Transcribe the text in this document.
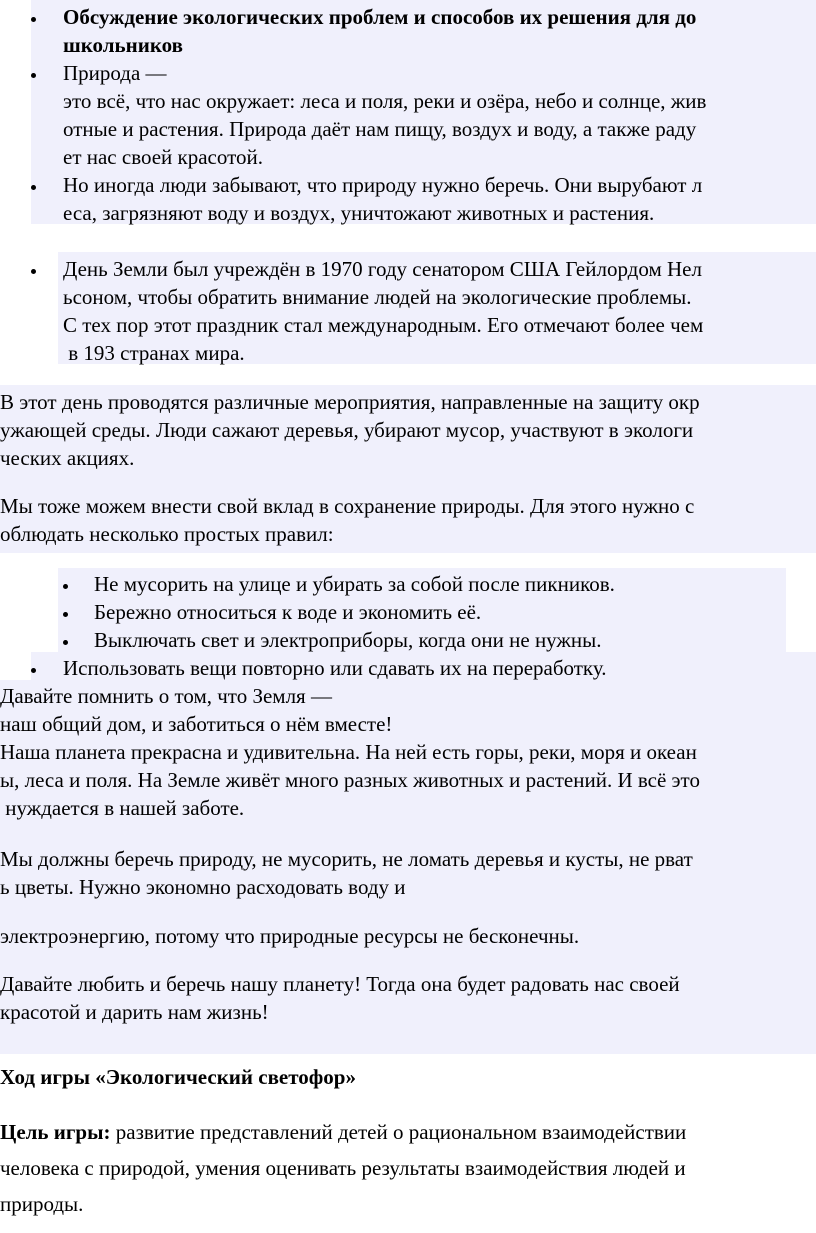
Обсуждение экологических проблем и способов их решения для до
школьников
Природа —
это всё, что нас окружает: леса и поля, реки и озёра, небо и солнце, жив
отные и растения. Природа даёт нам пищу, воздух и воду, а также раду
ет нас своей красотой.
Но иногда люди забывают, что природу нужно беречь. Они вырубают л
еса, загрязняют воду и воздух, уничтожают животных и растения.
День Земли был учреждён в 1970 году сенатором США Гейлордом Нел
ьсоном, чтобы обратить внимание людей на экологические проблемы.
С тех пор этот праздник стал международным. Его отмечают более чем
в 193 странах мира.
В этот день проводятся различные мероприятия, направленные на защиту окр
ужающей среды. Люди сажают деревья, убирают мусор, участвуют в экологи
ческих акциях.
Мы тоже можем внести свой вклад в сохранение природы. Для этого нужно с
облюдать несколько простых правил:
Не мусорить на улице и убирать за собой после пикников.
Бережно относиться к воде и экономить её.
Выключать свет и электроприборы, когда они не нужны.
Использовать вещи повторно или сдавать их на переработку.
Давайте помнить о том, что Земля —
наш общий дом, и заботиться о нём вместе!
Наша планета прекрасна и удивительна. На ней есть горы, реки, моря и океан
ы, леса и поля. На Земле живёт много разных животных и растений. И всё это
нуждается в нашей заботе.
Мы должны беречь природу, не мусорить, не ломать деревья и кусты, не рват
ь цветы. Нужно экономно расходовать воду и
электроэнергию, потому что природные ресурсы не бесконечны.
Давайте любить и беречь нашу планету! Тогда она будет радовать нас своей
красотой и дарить нам жизнь!
Ход игры «Экологический светофор»
Цель игры: развитие представлений детей о рациональном взаимодействии
человека с природой, умения оценивать результаты взаимодействия людей и
природы.
